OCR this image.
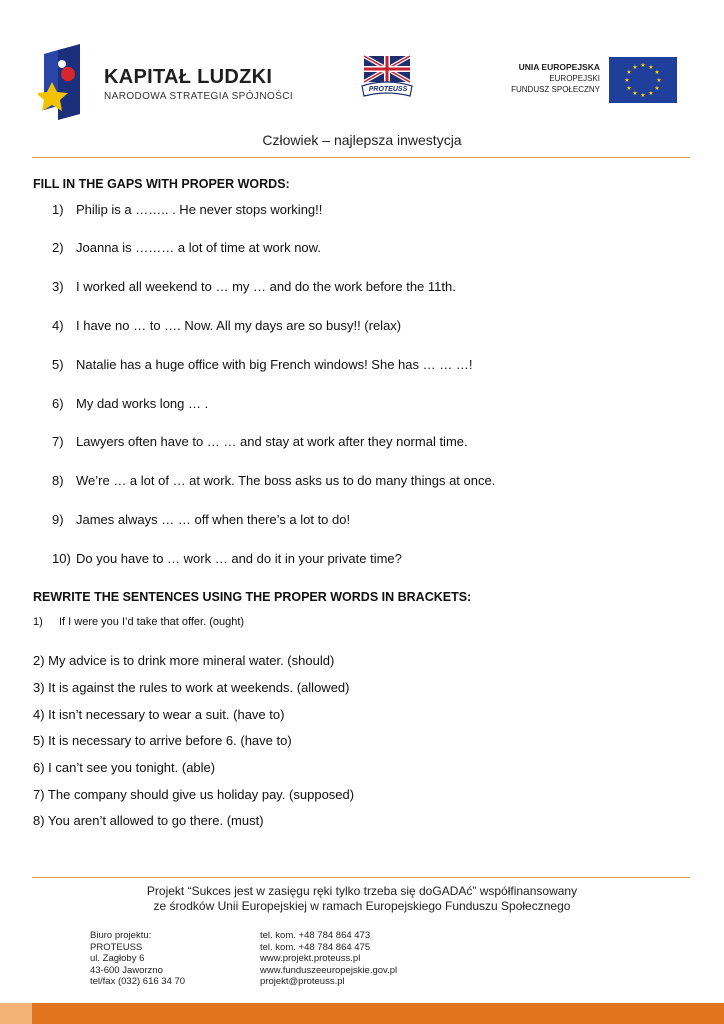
KAPITAŁ LUDZKI
NARODOWA STRATEGIA SPÓJNOŚCI
PROTEUSS
UNIA EUROPEJSKA
EUROPEJSKI
FUNDUSZ SPOŁECZNY
★ ★
★
★
★
★
★
★
★
★
★
★
Człowiek – najlepsza inwestycja
FILL IN THE GAPS WITH PROPER WORDS:
1) Philip is a …….. . He never stops working!!
2) Joanna is ……… a lot of time at work now.
3) I worked all weekend to … my … and do the work before the 11th.
4) I have no … to …. Now. All my days are so busy!! (relax)
5) Natalie has a huge office with big French windows! She has … … …!
6) My dad works long … .
7) Lawyers often have to … … and stay at work after they normal time.
8) We’re … a lot of … at work. The boss asks us to do many things at once.
9) James always … … off when there’s a lot to do!
10) Do you have to … work … and do it in your private time?
REWRITE THE SENTENCES USING THE PROPER WORDS IN BRACKETS:
1) If I were you I’d take that offer. (ought)
2) My advice is to drink more mineral water. (should)
3) It is against the rules to work at weekends. (allowed)
4) It isn’t necessary to wear a suit. (have to)
5) It is necessary to arrive before 6. (have to)
6) I can’t see you tonight. (able)
7) The company should give us holiday pay. (supposed)
8) You aren’t allowed to go there. (must)
Projekt “Sukces jest w zasięgu ręki tylko trzeba się doGADAć” współfinansowany
ze środków Unii Europejskiej w ramach Europejskiego Funduszu Społecznego
Biuro projektu:
PROTEUSS
ul. Zagłoby 6
43-600 Jaworzno
tel/fax (032) 616 34 70
tel. kom. +48 784 864 473
tel. kom. +48 784 864 475
www.projekt.proteuss.pl
www.funduszeeuropejskie.gov.pl
projekt@proteuss.pl
